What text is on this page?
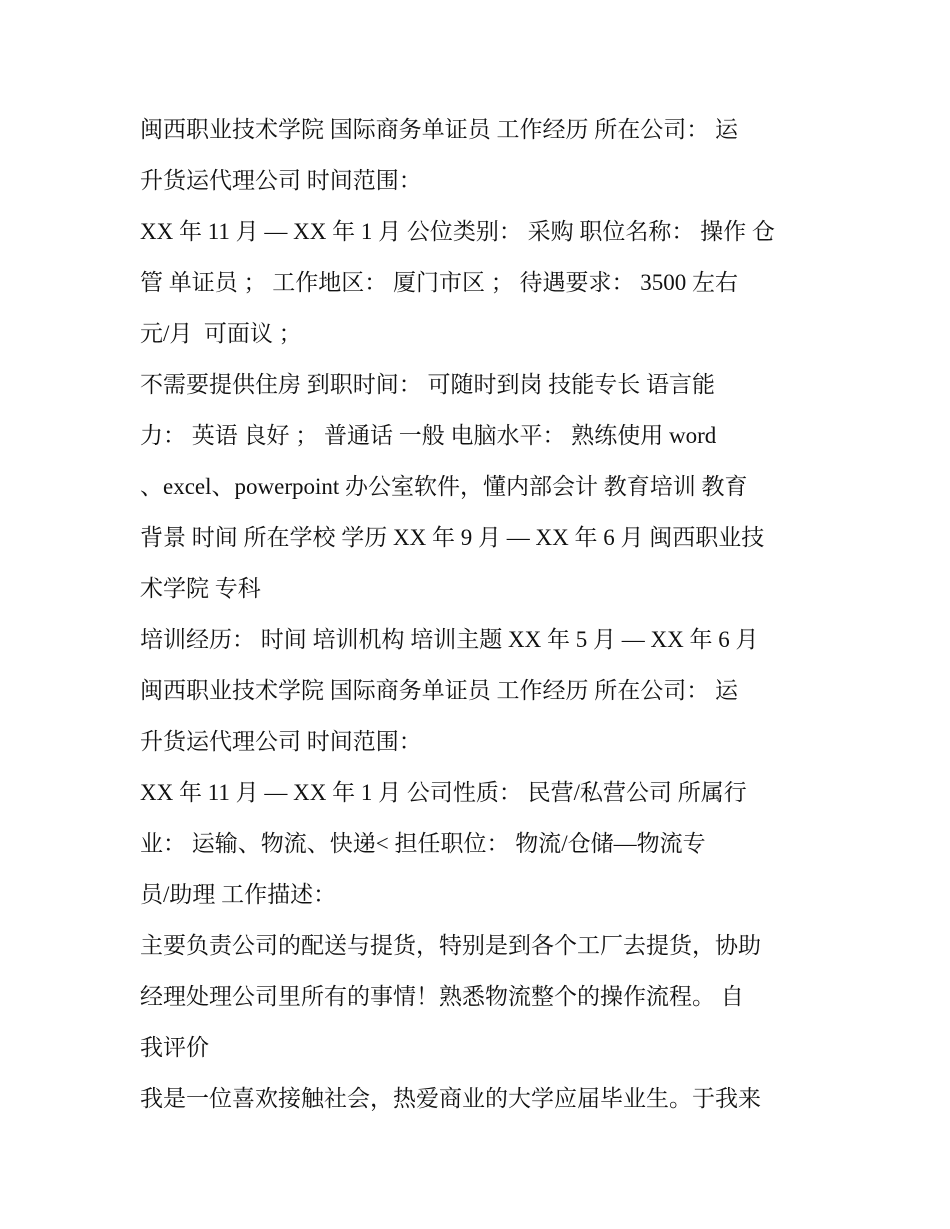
闽西职业技术学院 国际商务单证员 工作经历 所在公司： 运
升货运代理公司 时间范围：
XX 年 11 月 — XX 年 1 月 公位类别： 采购 职位名称： 操作 仓
管 单证员 ； 工作地区： 厦门市区 ； 待遇要求： 3500 左右
元/月  可面议 ；
不需要提供住房 到职时间： 可随时到岗 技能专长 语言能
力： 英语 良好 ； 普通话 一般 电脑水平： 熟练使用 word
、excel、powerpoint 办公室软件，懂内部会计 教育培训 教育
背景 时间 所在学校 学历 XX 年 9 月 — XX 年 6 月 闽西职业技
术学院 专科
培训经历： 时间 培训机构 培训主题 XX 年 5 月 — XX 年 6 月
闽西职业技术学院 国际商务单证员 工作经历 所在公司： 运
升货运代理公司 时间范围：
XX 年 11 月 — XX 年 1 月 公司性质： 民营/私营公司 所属行
业： 运输、物流、快递< 担任职位： 物流/仓储—物流专
员/助理 工作描述：
主要负责公司的配送与提货，特别是到各个工厂去提货，协助
经理处理公司里所有的事情！熟悉物流整个的操作流程。 自
我评价
我是一位喜欢接触社会，热爱商业的大学应届毕业生。于我来
